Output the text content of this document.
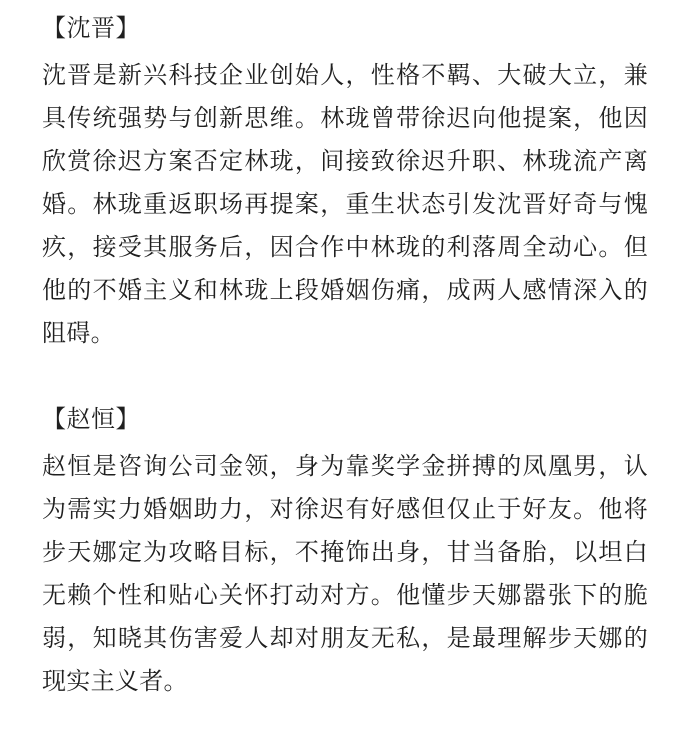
【沈晋】

沈晋是新兴科技企业创始人，性格不羁、大破大立，兼具传统强势与创新思维。林珑曾带徐迟向他提案，他因欣赏徐迟方案否定林珑，间接致徐迟升职、林珑流产离婚。林珑重返职场再提案，重生状态引发沈晋好奇与愧疚，接受其服务后，因合作中林珑的利落周全动心。但他的不婚主义和林珑上段婚姻伤痛，成两人感情深入的阻碍。

【赵恒】

赵恒是咨询公司金领，身为靠奖学金拼搏的凤凰男，认为需实力婚姻助力，对徐迟有好感但仅止于好友。他将步天娜定为攻略目标，不掩饰出身，甘当备胎，以坦白无赖个性和贴心关怀打动对方。他懂步天娜嚣张下的脆弱，知晓其伤害爱人却对朋友无私，是最理解步天娜的现实主义者。
